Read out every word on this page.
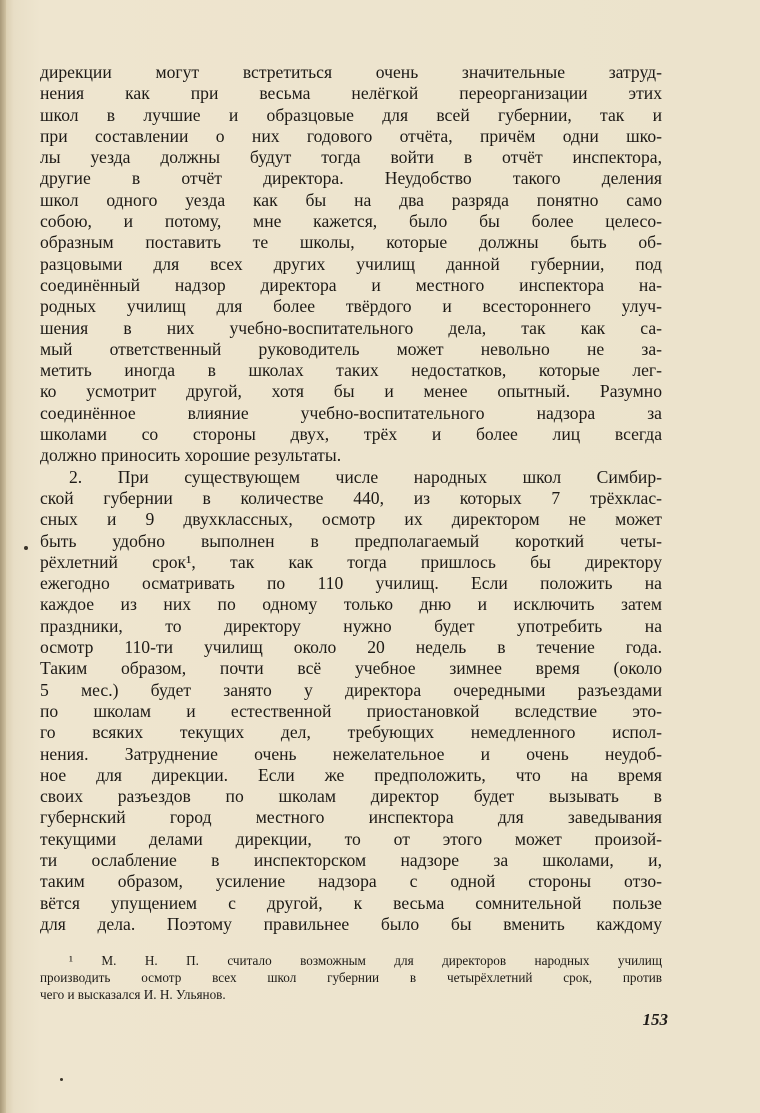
дирекции могут встретиться очень значительные затруд-
нения как при весьма нелёгкой переорганизации этих
школ в лучшие и образцовые для всей губернии, так и
при составлении о них годового отчёта, причём одни шко-
лы уезда должны будут тогда войти в отчёт инспектора,
другие в отчёт директора. Неудобство такого деления
школ одного уезда как бы на два разряда понятно само
собою, и потому, мне кажется, было бы более целесо-
образным поставить те школы, которые должны быть об-
разцовыми для всех других училищ данной губернии, под
соединённый надзор директора и местного инспектора на-
родных училищ для более твёрдого и всестороннего улуч-
шения в них учебно-воспитательного дела, так как са-
мый ответственный руководитель может невольно не за-
метить иногда в школах таких недостатков, которые лег-
ко усмотрит другой, хотя бы и менее опытный. Разумно
соединённое влияние учебно-воспитательного надзора за
школами со стороны двух, трёх и более лиц всегда
должно приносить хорошие результаты.
2. При существующем числе народных школ Симбир-
ской губернии в количестве 440, из которых 7 трёхклас-
сных и 9 двухклассных, осмотр их директором не может
быть удобно выполнен в предполагаемый короткий четы-
рёхлетний срок¹, так как тогда пришлось бы директору
ежегодно осматривать по 110 училищ. Если положить на
каждое из них по одному только дню и исключить затем
праздники, то директору нужно будет употребить на
осмотр 110-ти училищ около 20 недель в течение года.
Таким образом, почти всё учебное зимнее время (около
5 мес.) будет занято у директора очередными разъездами
по школам и естественной приостановкой вследствие это-
го всяких текущих дел, требующих немедленного испол-
нения. Затруднение очень нежелательное и очень неудоб-
ное для дирекции. Если же предположить, что на время
своих разъездов по школам директор будет вызывать в
губернский город местного инспектора для заведывания
текущими делами дирекции, то от этого может произой-
ти ослабление в инспекторском надзоре за школами, и,
таким образом, усиление надзора с одной стороны отзо-
вётся упущением с другой, к весьма сомнительной пользе
для дела. Поэтому правильнее было бы вменить каждому
¹ М. Н. П. считало возможным для директоров народных училищ
производить осмотр всех школ губернии в четырёхлетний срок, против
чего и высказался И. Н. Ульянов.
153
